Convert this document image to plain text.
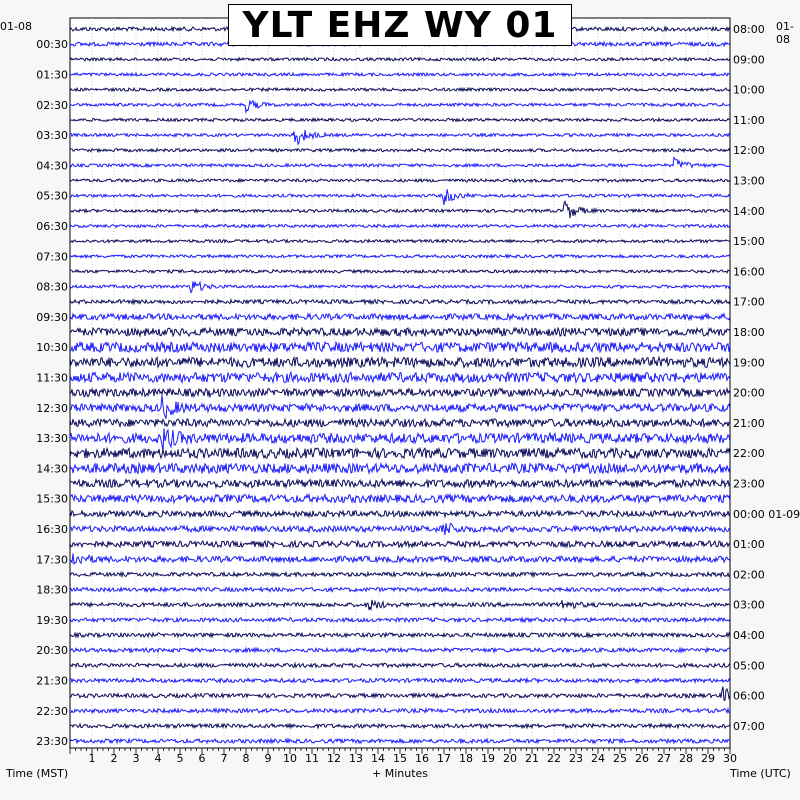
00:30
01:30
02:30
03:30
04:30
05:30
06:30
07:30
08:30
09:30
10:30
11:30
12:30
13:30
14:30
15:30
16:30
17:30
18:30
19:30
20:30
21:30
22:30
23:30
08:00
09:00
10:00
11:00
12:00
13:00
14:00
15:00
16:00
17:00
18:00
19:00
20:00
21:00
22:00
23:00
00:00 01-09
01:00
02:00
03:00
04:00
05:00
06:00
07:00
1 2 3 4 5 6 7 8 9 10 11 12 13 14 15 16 17 18 19 20 21 22 23 24 25 26 27 28 29 30
YLT EHZ WY 01
01-08	01-08
Time (MST)	+ Minutes	Time (UTC)
